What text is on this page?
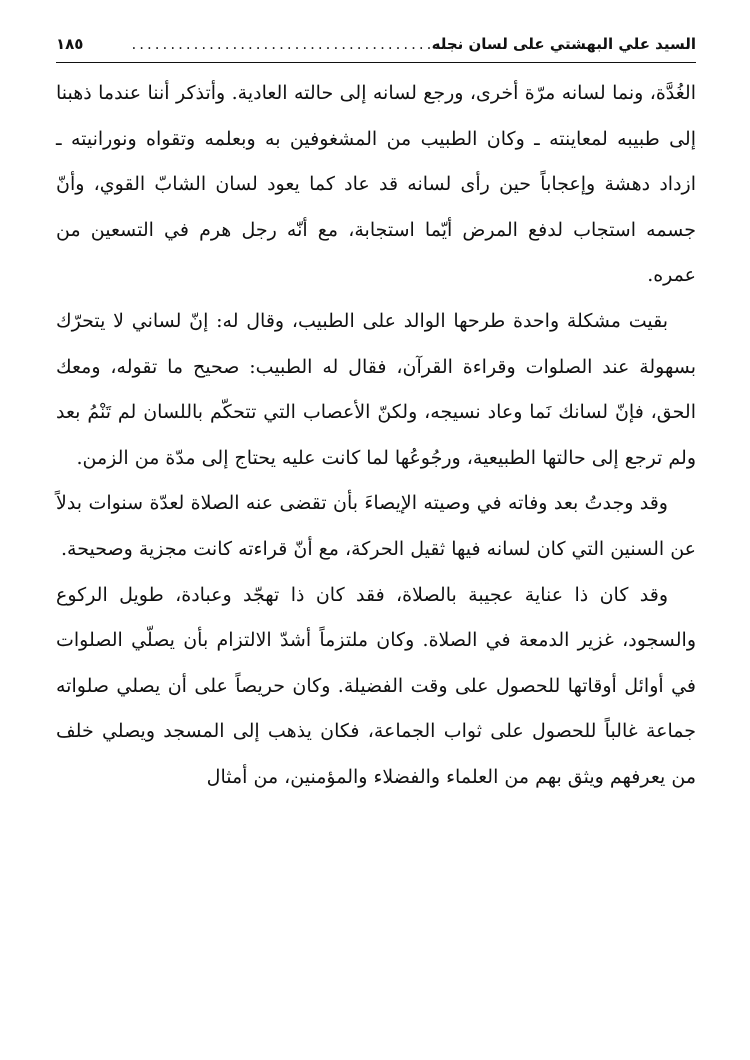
السيد علي البهشتي على لسان نجله
...........................................
١٨٥

الغُدَّة، ونما لسانه مرّة أخرى، ورجع لسانه إلى حالته العادية. وأتذكر أننا عندما ذهبنا إلى طبيبه لمعاينته ـ وكان الطبيب من المشغوفين به وبعلمه وتقواه ونورانيته ـ ازداد دهشة وإعجاباً حين رأى لسانه قد عاد كما يعود لسان الشابّ القوي، وأنّ جسمه استجاب لدفع المرض أيّما استجابة، مع أنّه رجل هرم في التسعين من عمره.

بقيت مشكلة واحدة طرحها الوالد على الطبيب، وقال له: إنّ لساني لا يتحرّك بسهولة عند الصلوات وقراءة القرآن، فقال له الطبيب: صحيح ما تقوله، ومعك الحق، فإنّ لسانك نَما وعاد نسيجه، ولكنّ الأعصاب التي تتحكّم باللسان لم تَنْمُ بعد ولم ترجع إلى حالتها الطبيعية، ورجُوعُها لما كانت عليه يحتاج إلى مدّة من الزمن.

وقد وجدتُ بعد وفاته في وصيته الإيصاءَ بأن تقضى عنه الصلاة لعدّة سنوات بدلاً عن السنين التي كان لسانه فيها ثقيل الحركة، مع أنّ قراءته كانت مجزية وصحيحة.

وقد كان ذا عناية عجيبة بالصلاة، فقد كان ذا تهجّد وعبادة، طويل الركوع والسجود، غزير الدمعة في الصلاة. وكان ملتزماً أشدّ الالتزام بأن يصلّي الصلوات في أوائل أوقاتها للحصول على وقت الفضيلة. وكان حريصاً على أن يصلي صلواته جماعة غالباً للحصول على ثواب الجماعة، فكان يذهب إلى المسجد ويصلي خلف من يعرفهم ويثق بهم من العلماء والفضلاء والمؤمنين، من أمثال
